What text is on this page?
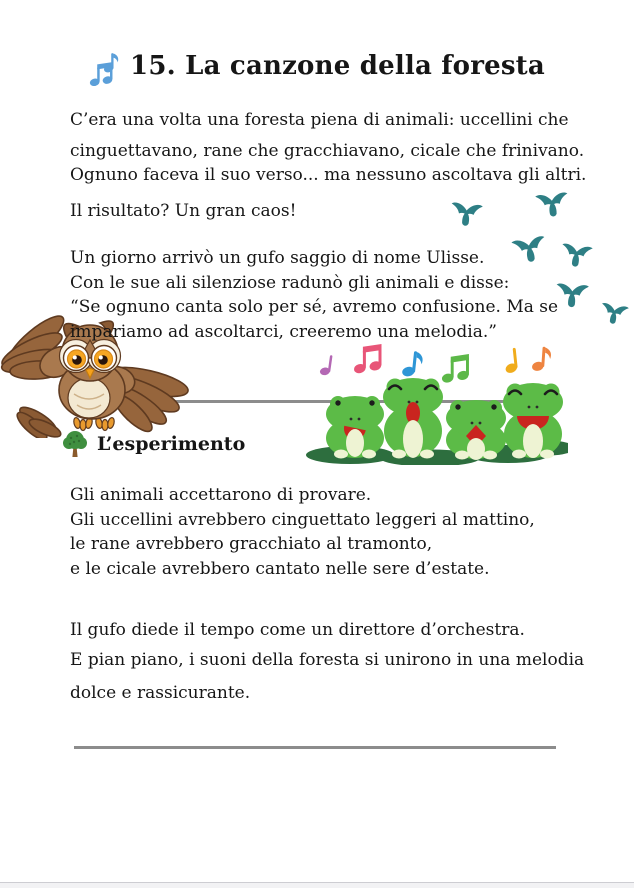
15. La canzone della foresta

C’era una volta una foresta piena di animali: uccellini che

cinguettavano, rane che gracchiavano, cicale che frinivano.
Ognuno faceva il suo verso... ma nessuno ascoltava gli altri.

Il risultato? Un gran caos!

Un giorno arrivò un gufo saggio di nome Ulisse.
Con le sue ali silenziose radunò gli animali e disse:
“Se ognuno canta solo per sé, avremo confusione. Ma se
impariamo ad ascoltarci, creeremo una melodia.”

L’esperimento

Gli animali accettarono di provare.
Gli uccellini avrebbero cinguettato leggeri al mattino,
le rane avrebbero gracchiato al tramonto,
e le cicale avrebbero cantato nelle sere d’estate.

Il gufo diede il tempo come un direttore d’orchestra.

E pian piano, i suoni della foresta si unirono in una melodia

dolce e rassicurante.
